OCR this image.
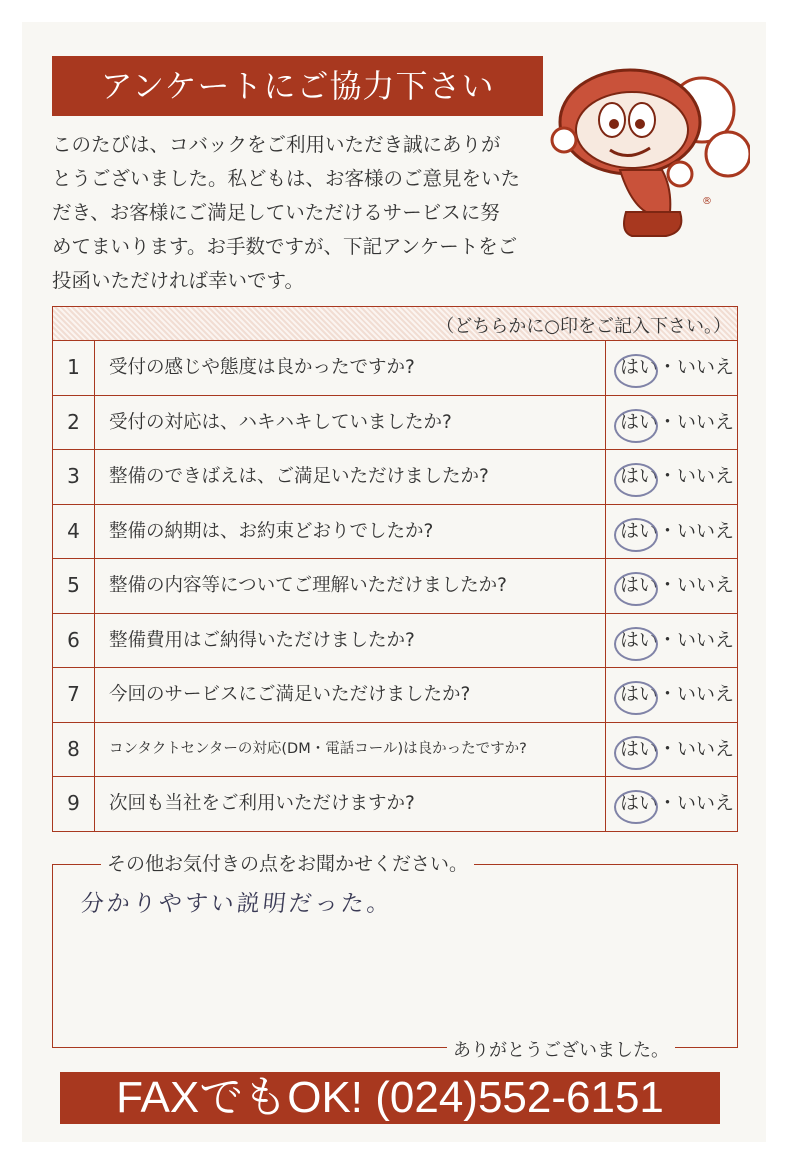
アンケートにご協力下さい
このたびは、コバックをご利用いただき誠にありが
とうございました。私どもは、お客様のご意見をいた
だき、お客様にご満足していただけるサービスに努
めてまいります。お手数ですが、下記アンケートをご
投函いただければ幸いです。
®
（どちらかに○印をご記入下さい。）
1	受付の感じや態度は良かったですか?	はい・いいえ
2	受付の対応は、ハキハキしていましたか?	はい・いいえ
3	整備のできばえは、ご満足いただけましたか?	はい・いいえ
4	整備の納期は、お約束どおりでしたか?	はい・いいえ
5	整備の内容等についてご理解いただけましたか?	はい・いいえ
6	整備費用はご納得いただけましたか?	はい・いいえ
7	今回のサービスにご満足いただけましたか?	はい・いいえ
8	コンタクトセンターの対応(DM・電話コール)は良かったですか?	はい・いいえ
9	次回も当社をご利用いただけますか?	はい・いいえ
その他お気付きの点をお聞かせください。
分かりやすい説明だった。
ありがとうございました。
FAXでもOK! (024)552-6151
